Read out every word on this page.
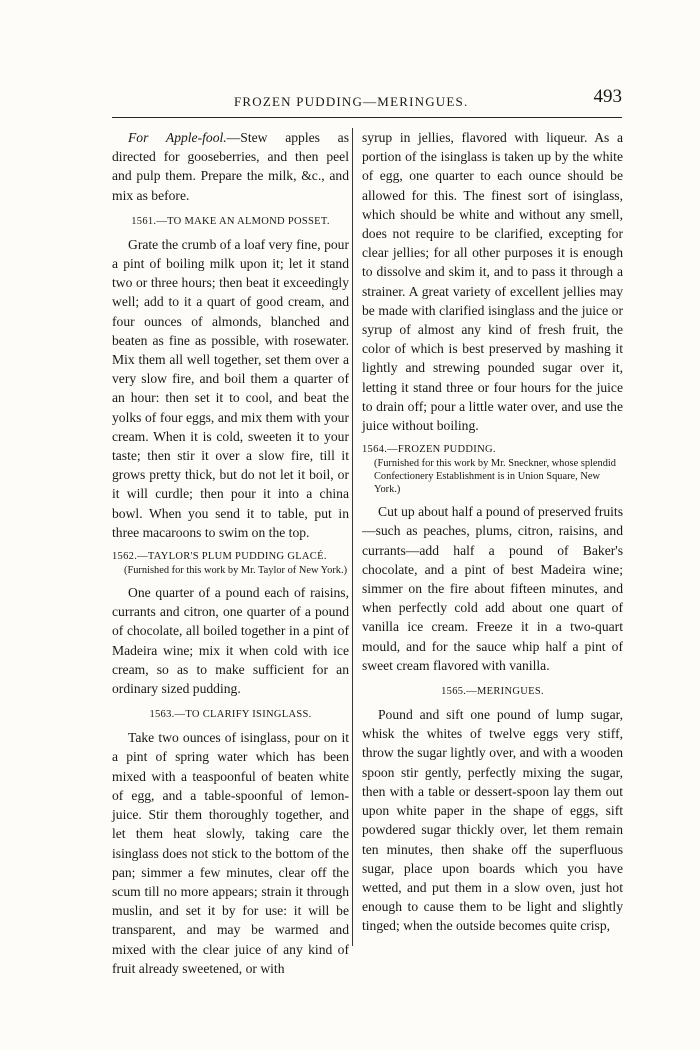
FROZEN PUDDING—MERINGUES.	493

For Apple-fool.—Stew apples as directed for gooseberries, and then peel and pulp them. Prepare the milk, &c., and mix as before.

1561.—TO MAKE AN ALMOND POSSET.

Grate the crumb of a loaf very fine, pour a pint of boiling milk upon it; let it stand two or three hours; then beat it exceedingly well; add to it a quart of good cream, and four ounces of almonds, blanched and beaten as fine as possible, with rosewater. Mix them all well together, set them over a very slow fire, and boil them a quarter of an hour: then set it to cool, and beat the yolks of four eggs, and mix them with your cream. When it is cold, sweeten it to your taste; then stir it over a slow fire, till it grows pretty thick, but do not let it boil, or it will curdle; then pour it into a china bowl. When you send it to table, put in three macaroons to swim on the top.

1562.—TAYLOR'S PLUM PUDDING GLACÉ.
(Furnished for this work by Mr. Taylor of New York.)

One quarter of a pound each of raisins, currants and citron, one quarter of a pound of chocolate, all boiled together in a pint of Madeira wine; mix it when cold with ice cream, so as to make sufficient for an ordinary sized pudding.

1563.—TO CLARIFY ISINGLASS.

Take two ounces of isinglass, pour on it a pint of spring water which has been mixed with a teaspoonful of beaten white of egg, and a table-spoonful of lemon-juice. Stir them thoroughly together, and let them heat slowly, taking care the isinglass does not stick to the bottom of the pan; simmer a few minutes, clear off the scum till no more appears; strain it through muslin, and set it by for use: it will be transparent, and may be warmed and mixed with the clear juice of any kind of fruit already sweetened, or with

syrup in jellies, flavored with liqueur. As a portion of the isinglass is taken up by the white of egg, one quarter to each ounce should be allowed for this. The finest sort of isinglass, which should be white and without any smell, does not require to be clarified, excepting for clear jellies; for all other purposes it is enough to dissolve and skim it, and to pass it through a strainer. A great variety of excellent jellies may be made with clarified isinglass and the juice or syrup of almost any kind of fresh fruit, the color of which is best preserved by mashing it lightly and strewing pounded sugar over it, letting it stand three or four hours for the juice to drain off; pour a little water over, and use the juice without boiling.

1564.—FROZEN PUDDING.
(Furnished for this work by Mr. Sneckner, whose splendid Confectionery Establishment is in Union Square, New York.)

Cut up about half a pound of preserved fruits—such as peaches, plums, citron, raisins, and currants—add half a pound of Baker's chocolate, and a pint of best Madeira wine; simmer on the fire about fifteen minutes, and when perfectly cold add about one quart of vanilla ice cream. Freeze it in a two-quart mould, and for the sauce whip half a pint of sweet cream flavored with vanilla.

1565.—MERINGUES.

Pound and sift one pound of lump sugar, whisk the whites of twelve eggs very stiff, throw the sugar lightly over, and with a wooden spoon stir gently, perfectly mixing the sugar, then with a table or dessert-spoon lay them out upon white paper in the shape of eggs, sift powdered sugar thickly over, let them remain ten minutes, then shake off the superfluous sugar, place upon boards which you have wetted, and put them in a slow oven, just hot enough to cause them to be light and slightly tinged; when the outside becomes quite crisp,
